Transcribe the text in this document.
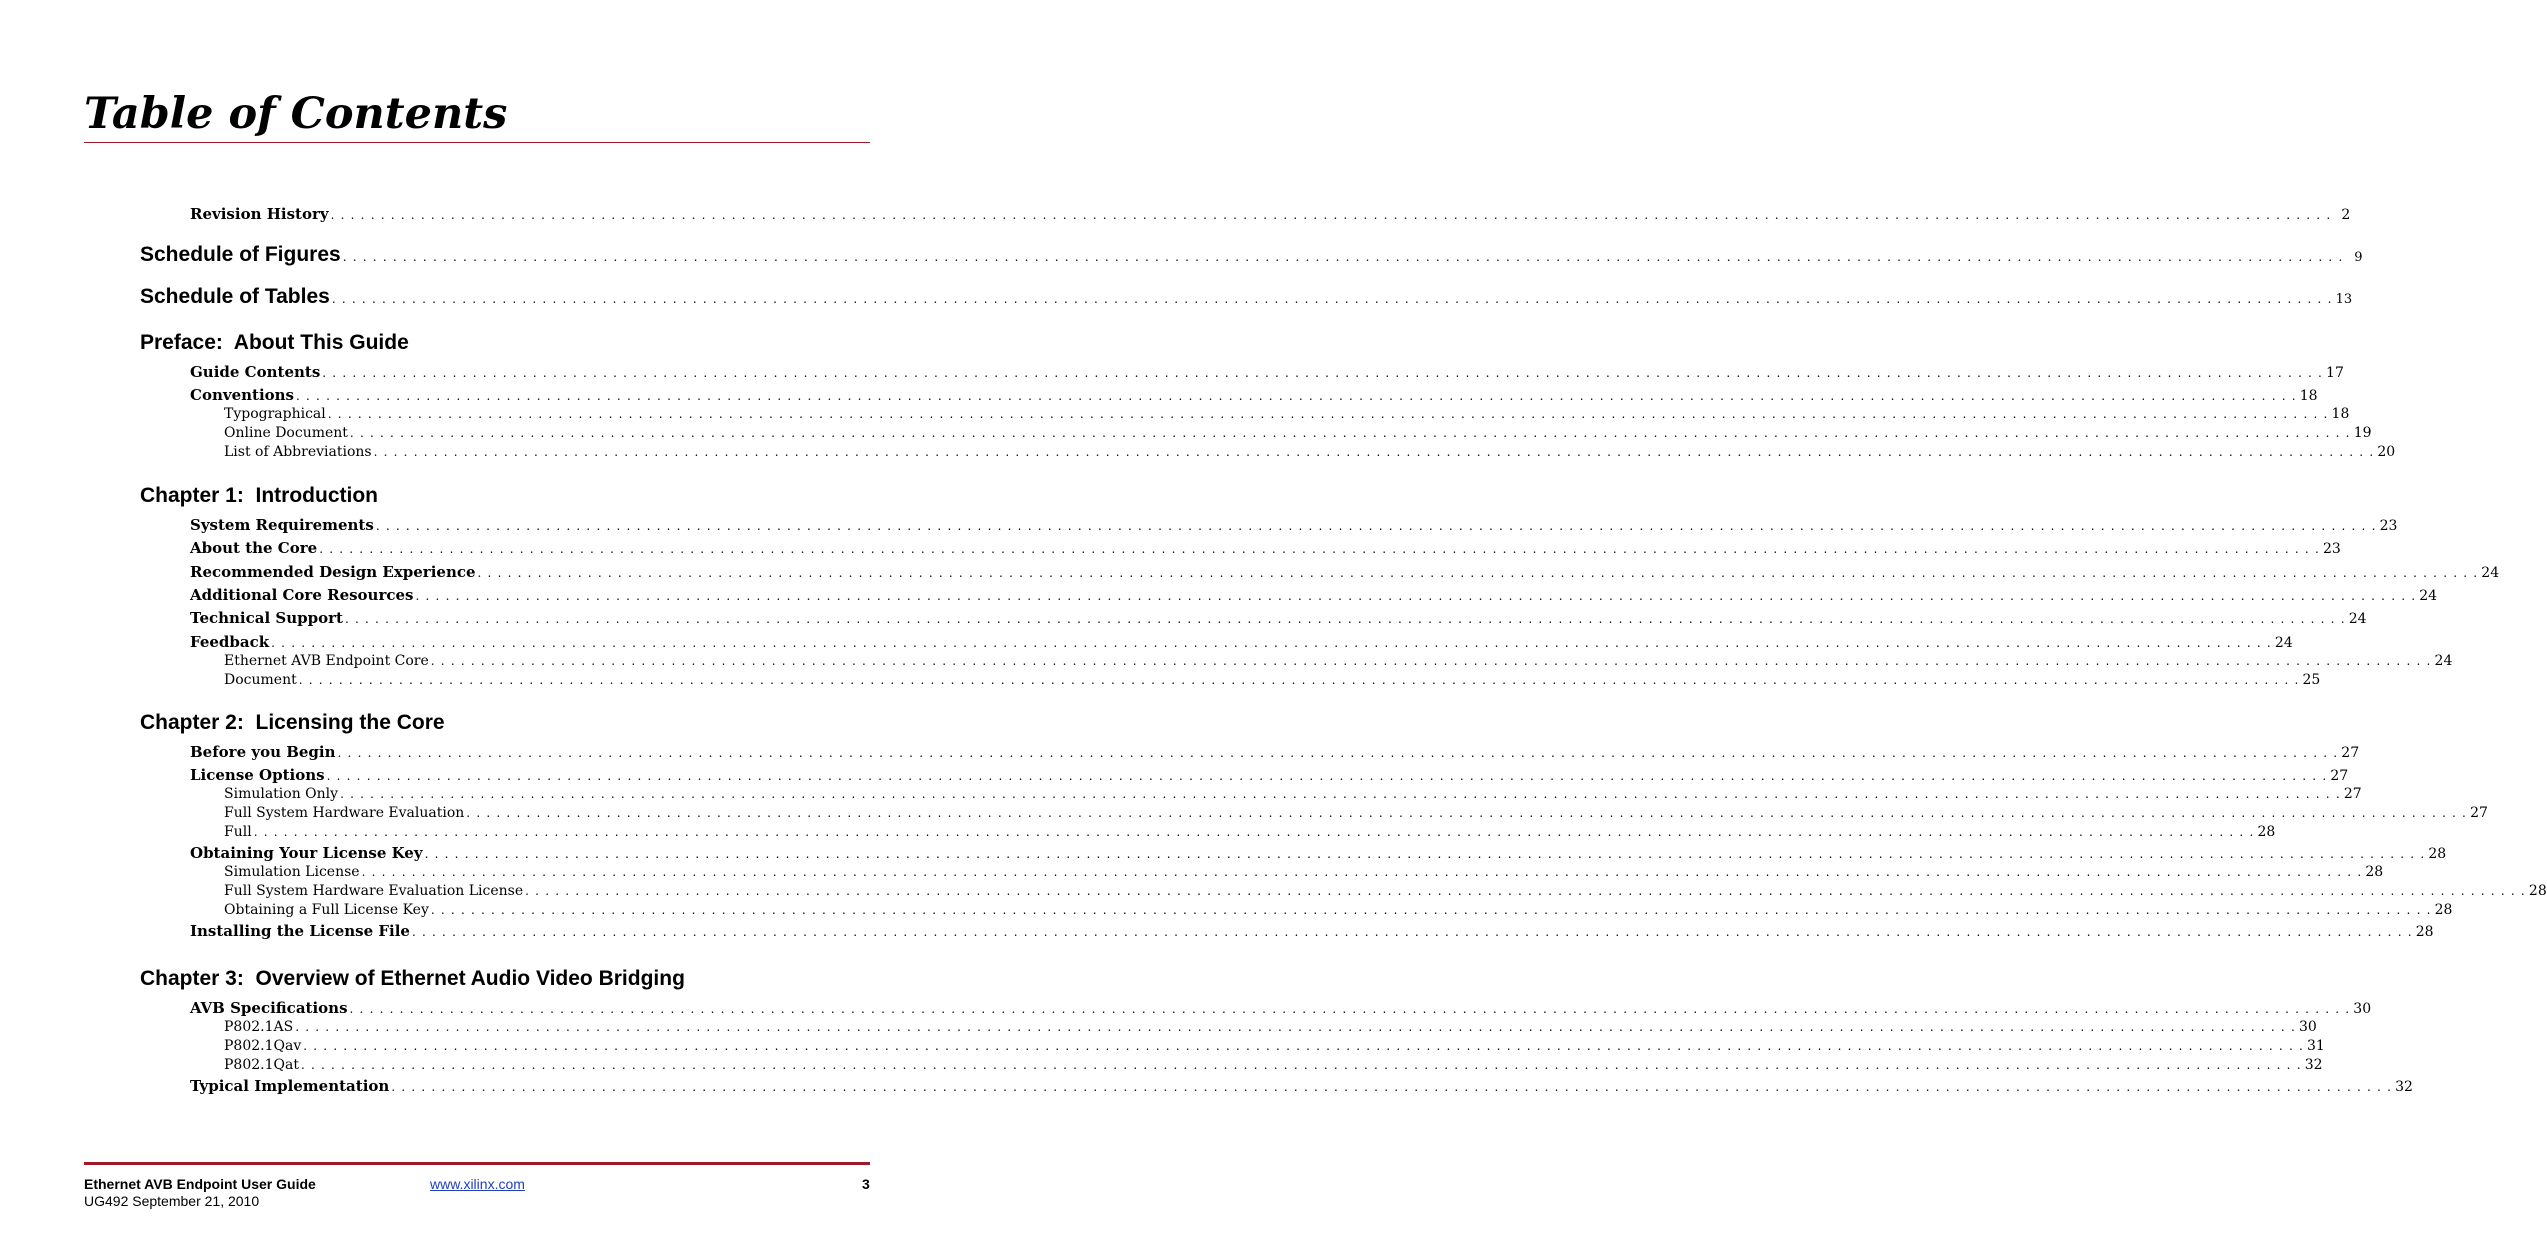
Table of Contents
Revision History . . . . . . . . . . . . . . . . . . . . . . . . . . . . . . . . . . . . . . . . . . . . . . . . . . . . . . . . . . . . . . . . . . . . . . . . . . . . . . . . . . . . . . . . . . . . . . . . . . . . . . . . . . . . . . . . . . . . . . . . . . . . . . . . . . . . . . . . . . . . . . . . . . . . . . . . . . . . . . . . . . . . . . . . . . . . . . . . . . . . . . . . . . . . . . . . . . . . . . . . 2
Schedule of Figures . . . . . . . . . . . . . . . . . . . . . . . . . . . . . . . . . . . . . . . . . . . . . . . . . . . . . . . . . . . . . . . . . . . . . . . . . . . . . . . . . . . . . . . . . . . . . . . . . . . . . . . . . . . . . . . . . . . . . . . . . . . . . . . . . . . . . . . . . . . . . . . . . . . . . . . . . . . . . . . . . . . . . . . . . . . . . . . . . . . . . . . . . . . . . . . . . . . . . . . . 9
Schedule of Tables . . . . . . . . . . . . . . . . . . . . . . . . . . . . . . . . . . . . . . . . . . . . . . . . . . . . . . . . . . . . . . . . . . . . . . . . . . . . . . . . . . . . . . . . . . . . . . . . . . . . . . . . . . . . . . . . . . . . . . . . . . . . . . . . . . . . . . . . . . . . . . . . . . . . . . . . . . . . . . . . . . . . . . . . . . . . . . . . . . . . . . . . . . . . . . . . . . . . . . . . 13
Preface:  About This Guide
Guide Contents . . . . . . . . . . . . . . . . . . . . . . . . . . . . . . . . . . . . . . . . . . . . . . . . . . . . . . . . . . . . . . . . . . . . . . . . . . . . . . . . . . . . . . . . . . . . . . . . . . . . . . . . . . . . . . . . . . . . . . . . . . . . . . . . . . . . . . . . . . . . . . . . . . . . . . . . . . . . . . . . . . . . . . . . . . . . . . . . . . . . . . . . . . . . . . . . . . . . . . . . 17
Conventions . . . . . . . . . . . . . . . . . . . . . . . . . . . . . . . . . . . . . . . . . . . . . . . . . . . . . . . . . . . . . . . . . . . . . . . . . . . . . . . . . . . . . . . . . . . . . . . . . . . . . . . . . . . . . . . . . . . . . . . . . . . . . . . . . . . . . . . . . . . . . . . . . . . . . . . . . . . . . . . . . . . . . . . . . . . . . . . . . . . . . . . . . . . . . . . . . . . . . . . . 18
Typographical . . . . . . . . . . . . . . . . . . . . . . . . . . . . . . . . . . . . . . . . . . . . . . . . . . . . . . . . . . . . . . . . . . . . . . . . . . . . . . . . . . . . . . . . . . . . . . . . . . . . . . . . . . . . . . . . . . . . . . . . . . . . . . . . . . . . . . . . . . . . . . . . . . . . . . . . . . . . . . . . . . . . . . . . . . . . . . . . . . . . . . . . . . . . . . . . . . . . . . . . 18
Online Document . . . . . . . . . . . . . . . . . . . . . . . . . . . . . . . . . . . . . . . . . . . . . . . . . . . . . . . . . . . . . . . . . . . . . . . . . . . . . . . . . . . . . . . . . . . . . . . . . . . . . . . . . . . . . . . . . . . . . . . . . . . . . . . . . . . . . . . . . . . . . . . . . . . . . . . . . . . . . . . . . . . . . . . . . . . . . . . . . . . . . . . . . . . . . . . . . . . . . . . . 19
List of Abbreviations . . . . . . . . . . . . . . . . . . . . . . . . . . . . . . . . . . . . . . . . . . . . . . . . . . . . . . . . . . . . . . . . . . . . . . . . . . . . . . . . . . . . . . . . . . . . . . . . . . . . . . . . . . . . . . . . . . . . . . . . . . . . . . . . . . . . . . . . . . . . . . . . . . . . . . . . . . . . . . . . . . . . . . . . . . . . . . . . . . . . . . . . . . . . . . . . . . . . . . . . 20
Chapter 1:  Introduction
System Requirements . . . . . . . . . . . . . . . . . . . . . . . . . . . . . . . . . . . . . . . . . . . . . . . . . . . . . . . . . . . . . . . . . . . . . . . . . . . . . . . . . . . . . . . . . . . . . . . . . . . . . . . . . . . . . . . . . . . . . . . . . . . . . . . . . . . . . . . . . . . . . . . . . . . . . . . . . . . . . . . . . . . . . . . . . . . . . . . . . . . . . . . . . . . . . . . . . . . . . . . . 23
About the Core . . . . . . . . . . . . . . . . . . . . . . . . . . . . . . . . . . . . . . . . . . . . . . . . . . . . . . . . . . . . . . . . . . . . . . . . . . . . . . . . . . . . . . . . . . . . . . . . . . . . . . . . . . . . . . . . . . . . . . . . . . . . . . . . . . . . . . . . . . . . . . . . . . . . . . . . . . . . . . . . . . . . . . . . . . . . . . . . . . . . . . . . . . . . . . . . . . . . . . . . 23
Recommended Design Experience . . . . . . . . . . . . . . . . . . . . . . . . . . . . . . . . . . . . . . . . . . . . . . . . . . . . . . . . . . . . . . . . . . . . . . . . . . . . . . . . . . . . . . . . . . . . . . . . . . . . . . . . . . . . . . . . . . . . . . . . . . . . . . . . . . . . . . . . . . . . . . . . . . . . . . . . . . . . . . . . . . . . . . . . . . . . . . . . . . . . . . . . . . . . . . . . . . . . . . . . 24
Additional Core Resources . . . . . . . . . . . . . . . . . . . . . . . . . . . . . . . . . . . . . . . . . . . . . . . . . . . . . . . . . . . . . . . . . . . . . . . . . . . . . . . . . . . . . . . . . . . . . . . . . . . . . . . . . . . . . . . . . . . . . . . . . . . . . . . . . . . . . . . . . . . . . . . . . . . . . . . . . . . . . . . . . . . . . . . . . . . . . . . . . . . . . . . . . . . . . . . . . . . . . . . . 24
Technical Support . . . . . . . . . . . . . . . . . . . . . . . . . . . . . . . . . . . . . . . . . . . . . . . . . . . . . . . . . . . . . . . . . . . . . . . . . . . . . . . . . . . . . . . . . . . . . . . . . . . . . . . . . . . . . . . . . . . . . . . . . . . . . . . . . . . . . . . . . . . . . . . . . . . . . . . . . . . . . . . . . . . . . . . . . . . . . . . . . . . . . . . . . . . . . . . . . . . . . . . . 24
Feedback . . . . . . . . . . . . . . . . . . . . . . . . . . . . . . . . . . . . . . . . . . . . . . . . . . . . . . . . . . . . . . . . . . . . . . . . . . . . . . . . . . . . . . . . . . . . . . . . . . . . . . . . . . . . . . . . . . . . . . . . . . . . . . . . . . . . . . . . . . . . . . . . . . . . . . . . . . . . . . . . . . . . . . . . . . . . . . . . . . . . . . . . . . . . . . . . . . . . . . . . 24
Ethernet AVB Endpoint Core . . . . . . . . . . . . . . . . . . . . . . . . . . . . . . . . . . . . . . . . . . . . . . . . . . . . . . . . . . . . . . . . . . . . . . . . . . . . . . . . . . . . . . . . . . . . . . . . . . . . . . . . . . . . . . . . . . . . . . . . . . . . . . . . . . . . . . . . . . . . . . . . . . . . . . . . . . . . . . . . . . . . . . . . . . . . . . . . . . . . . . . . . . . . . . . . . . . . . . . . 24
Document . . . . . . . . . . . . . . . . . . . . . . . . . . . . . . . . . . . . . . . . . . . . . . . . . . . . . . . . . . . . . . . . . . . . . . . . . . . . . . . . . . . . . . . . . . . . . . . . . . . . . . . . . . . . . . . . . . . . . . . . . . . . . . . . . . . . . . . . . . . . . . . . . . . . . . . . . . . . . . . . . . . . . . . . . . . . . . . . . . . . . . . . . . . . . . . . . . . . . . . . 25
Chapter 2:  Licensing the Core
Before you Begin . . . . . . . . . . . . . . . . . . . . . . . . . . . . . . . . . . . . . . . . . . . . . . . . . . . . . . . . . . . . . . . . . . . . . . . . . . . . . . . . . . . . . . . . . . . . . . . . . . . . . . . . . . . . . . . . . . . . . . . . . . . . . . . . . . . . . . . . . . . . . . . . . . . . . . . . . . . . . . . . . . . . . . . . . . . . . . . . . . . . . . . . . . . . . . . . . . . . . . . . 27
License Options . . . . . . . . . . . . . . . . . . . . . . . . . . . . . . . . . . . . . . . . . . . . . . . . . . . . . . . . . . . . . . . . . . . . . . . . . . . . . . . . . . . . . . . . . . . . . . . . . . . . . . . . . . . . . . . . . . . . . . . . . . . . . . . . . . . . . . . . . . . . . . . . . . . . . . . . . . . . . . . . . . . . . . . . . . . . . . . . . . . . . . . . . . . . . . . . . . . . . . . . 27
Simulation Only . . . . . . . . . . . . . . . . . . . . . . . . . . . . . . . . . . . . . . . . . . . . . . . . . . . . . . . . . . . . . . . . . . . . . . . . . . . . . . . . . . . . . . . . . . . . . . . . . . . . . . . . . . . . . . . . . . . . . . . . . . . . . . . . . . . . . . . . . . . . . . . . . . . . . . . . . . . . . . . . . . . . . . . . . . . . . . . . . . . . . . . . . . . . . . . . . . . . . . . . 27
Full System Hardware Evaluation . . . . . . . . . . . . . . . . . . . . . . . . . . . . . . . . . . . . . . . . . . . . . . . . . . . . . . . . . . . . . . . . . . . . . . . . . . . . . . . . . . . . . . . . . . . . . . . . . . . . . . . . . . . . . . . . . . . . . . . . . . . . . . . . . . . . . . . . . . . . . . . . . . . . . . . . . . . . . . . . . . . . . . . . . . . . . . . . . . . . . . . . . . . . . . . . . . . . . . . . 27
Full . . . . . . . . . . . . . . . . . . . . . . . . . . . . . . . . . . . . . . . . . . . . . . . . . . . . . . . . . . . . . . . . . . . . . . . . . . . . . . . . . . . . . . . . . . . . . . . . . . . . . . . . . . . . . . . . . . . . . . . . . . . . . . . . . . . . . . . . . . . . . . . . . . . . . . . . . . . . . . . . . . . . . . . . . . . . . . . . . . . . . . . . . . . . . . . . . . . . . . . . 28
Obtaining Your License Key . . . . . . . . . . . . . . . . . . . . . . . . . . . . . . . . . . . . . . . . . . . . . . . . . . . . . . . . . . . . . . . . . . . . . . . . . . . . . . . . . . . . . . . . . . . . . . . . . . . . . . . . . . . . . . . . . . . . . . . . . . . . . . . . . . . . . . . . . . . . . . . . . . . . . . . . . . . . . . . . . . . . . . . . . . . . . . . . . . . . . . . . . . . . . . . . . . . . . . . . 28
Simulation License . . . . . . . . . . . . . . . . . . . . . . . . . . . . . . . . . . . . . . . . . . . . . . . . . . . . . . . . . . . . . . . . . . . . . . . . . . . . . . . . . . . . . . . . . . . . . . . . . . . . . . . . . . . . . . . . . . . . . . . . . . . . . . . . . . . . . . . . . . . . . . . . . . . . . . . . . . . . . . . . . . . . . . . . . . . . . . . . . . . . . . . . . . . . . . . . . . . . . . . . 28
Full System Hardware Evaluation License . . . . . . . . . . . . . . . . . . . . . . . . . . . . . . . . . . . . . . . . . . . . . . . . . . . . . . . . . . . . . . . . . . . . . . . . . . . . . . . . . . . . . . . . . . . . . . . . . . . . . . . . . . . . . . . . . . . . . . . . . . . . . . . . . . . . . . . . . . . . . . . . . . . . . . . . . . . . . . . . . . . . . . . . . . . . . . . . . . . . . . . . . . . . . . . . . . . . . . . . 28
Obtaining a Full License Key . . . . . . . . . . . . . . . . . . . . . . . . . . . . . . . . . . . . . . . . . . . . . . . . . . . . . . . . . . . . . . . . . . . . . . . . . . . . . . . . . . . . . . . . . . . . . . . . . . . . . . . . . . . . . . . . . . . . . . . . . . . . . . . . . . . . . . . . . . . . . . . . . . . . . . . . . . . . . . . . . . . . . . . . . . . . . . . . . . . . . . . . . . . . . . . . . . . . . . . . 28
Installing the License File . . . . . . . . . . . . . . . . . . . . . . . . . . . . . . . . . . . . . . . . . . . . . . . . . . . . . . . . . . . . . . . . . . . . . . . . . . . . . . . . . . . . . . . . . . . . . . . . . . . . . . . . . . . . . . . . . . . . . . . . . . . . . . . . . . . . . . . . . . . . . . . . . . . . . . . . . . . . . . . . . . . . . . . . . . . . . . . . . . . . . . . . . . . . . . . . . . . . . . . . 28
Chapter 3:  Overview of Ethernet Audio Video Bridging
AVB Specifications . . . . . . . . . . . . . . . . . . . . . . . . . . . . . . . . . . . . . . . . . . . . . . . . . . . . . . . . . . . . . . . . . . . . . . . . . . . . . . . . . . . . . . . . . . . . . . . . . . . . . . . . . . . . . . . . . . . . . . . . . . . . . . . . . . . . . . . . . . . . . . . . . . . . . . . . . . . . . . . . . . . . . . . . . . . . . . . . . . . . . . . . . . . . . . . . . . . . . . . . 30
P802.1AS . . . . . . . . . . . . . . . . . . . . . . . . . . . . . . . . . . . . . . . . . . . . . . . . . . . . . . . . . . . . . . . . . . . . . . . . . . . . . . . . . . . . . . . . . . . . . . . . . . . . . . . . . . . . . . . . . . . . . . . . . . . . . . . . . . . . . . . . . . . . . . . . . . . . . . . . . . . . . . . . . . . . . . . . . . . . . . . . . . . . . . . . . . . . . . . . . . . . . . . . 30
P802.1Qav . . . . . . . . . . . . . . . . . . . . . . . . . . . . . . . . . . . . . . . . . . . . . . . . . . . . . . . . . . . . . . . . . . . . . . . . . . . . . . . . . . . . . . . . . . . . . . . . . . . . . . . . . . . . . . . . . . . . . . . . . . . . . . . . . . . . . . . . . . . . . . . . . . . . . . . . . . . . . . . . . . . . . . . . . . . . . . . . . . . . . . . . . . . . . . . . . . . . . . . . 31
P802.1Qat . . . . . . . . . . . . . . . . . . . . . . . . . . . . . . . . . . . . . . . . . . . . . . . . . . . . . . . . . . . . . . . . . . . . . . . . . . . . . . . . . . . . . . . . . . . . . . . . . . . . . . . . . . . . . . . . . . . . . . . . . . . . . . . . . . . . . . . . . . . . . . . . . . . . . . . . . . . . . . . . . . . . . . . . . . . . . . . . . . . . . . . . . . . . . . . . . . . . . . . . 32
Typical Implementation . . . . . . . . . . . . . . . . . . . . . . . . . . . . . . . . . . . . . . . . . . . . . . . . . . . . . . . . . . . . . . . . . . . . . . . . . . . . . . . . . . . . . . . . . . . . . . . . . . . . . . . . . . . . . . . . . . . . . . . . . . . . . . . . . . . . . . . . . . . . . . . . . . . . . . . . . . . . . . . . . . . . . . . . . . . . . . . . . . . . . . . . . . . . . . . . . . . . . . . . 32
Ethernet AVB Endpoint User Guide
UG492 September 21, 2010
www.xilinx.com	3
